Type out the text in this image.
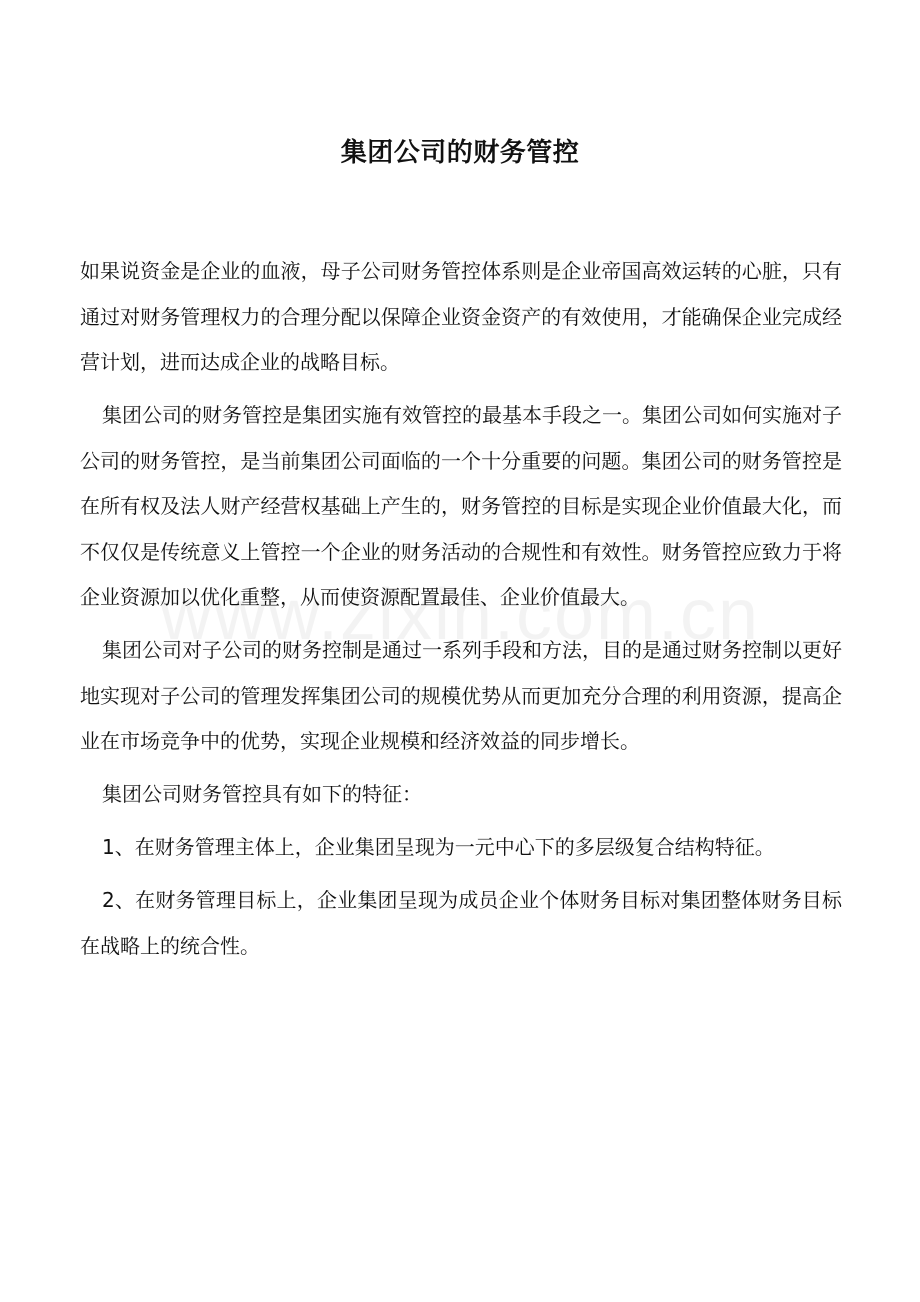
集团公司的财务管控

如果说资金是企业的血液，母子公司财务管控体系则是企业帝国高效运转的心脏，只有通过对财务管理权力的合理分配以保障企业资金资产的有效使用，才能确保企业完成经营计划，进而达成企业的战略目标。

集团公司的财务管控是集团实施有效管控的最基本手段之一。集团公司如何实施对子公司的财务管控，是当前集团公司面临的一个十分重要的问题。集团公司的财务管控是在所有权及法人财产经营权基础上产生的，财务管控的目标是实现企业价值最大化，而不仅仅是传统意义上管控一个企业的财务活动的合规性和有效性。财务管控应致力于将企业资源加以优化重整，从而使资源配置最佳、企业价值最大。

集团公司对子公司的财务控制是通过一系列手段和方法，目的是通过财务控制以更好地实现对子公司的管理发挥集团公司的规模优势从而更加充分合理的利用资源，提高企业在市场竞争中的优势，实现企业规模和经济效益的同步增长。

集团公司财务管控具有如下的特征：

1、在财务管理主体上，企业集团呈现为一元中心下的多层级复合结构特征。

2、在财务管理目标上，企业集团呈现为成员企业个体财务目标对集团整体财务目标在战略上的统合性。
